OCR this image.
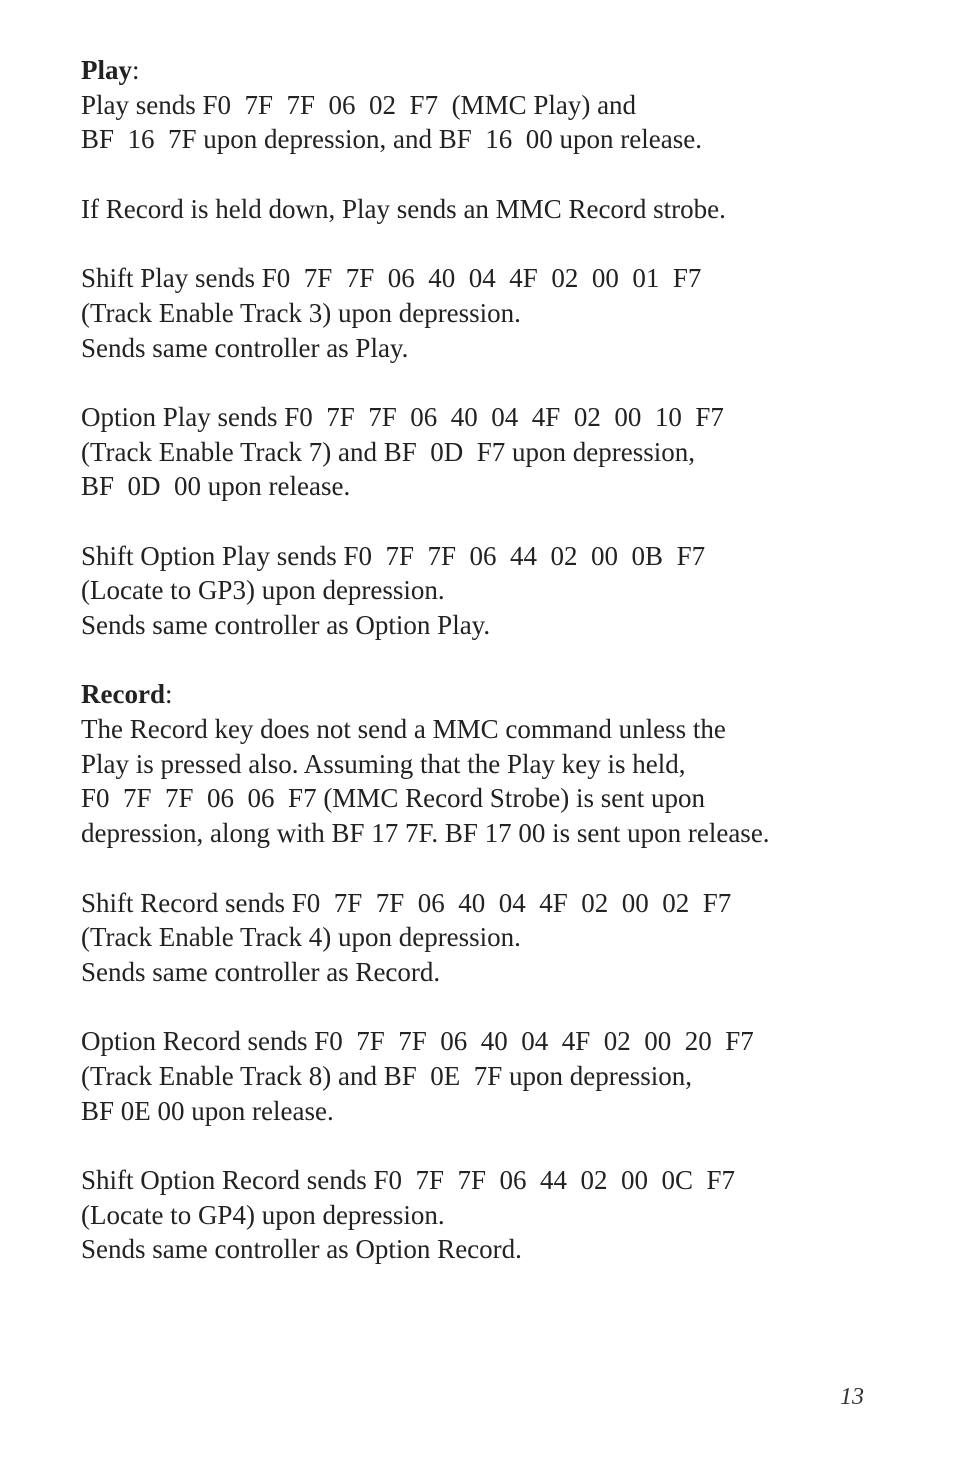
Play:
Play sends F0  7F  7F  06  02  F7  (MMC Play) and
BF  16  7F upon depression, and BF  16  00 upon release.
If Record is held down, Play sends an MMC Record strobe.
Shift Play sends F0  7F  7F  06  40  04  4F  02  00  01  F7
(Track Enable Track 3) upon depression.
Sends same controller as Play.
Option Play sends F0  7F  7F  06  40  04  4F  02  00  10  F7
(Track Enable Track 7) and BF  0D  F7 upon depression,
BF  0D  00 upon release.
Shift Option Play sends F0  7F  7F  06  44  02  00  0B  F7
(Locate to GP3) upon depression.
Sends same controller as Option Play.
Record:
The Record key does not send a MMC command unless the
Play is pressed also. Assuming that the Play key is held,
F0  7F  7F  06  06  F7 (MMC Record Strobe) is sent upon
depression, along with BF 17 7F. BF 17 00 is sent upon release.
Shift Record sends F0  7F  7F  06  40  04  4F  02  00  02  F7
(Track Enable Track 4) upon depression.
Sends same controller as Record.
Option Record sends F0  7F  7F  06  40  04  4F  02  00  20  F7
(Track Enable Track 8) and BF  0E  7F upon depression,
BF 0E 00 upon release.
Shift Option Record sends F0  7F  7F  06  44  02  00  0C  F7
(Locate to GP4) upon depression.
Sends same controller as Option Record.
13
